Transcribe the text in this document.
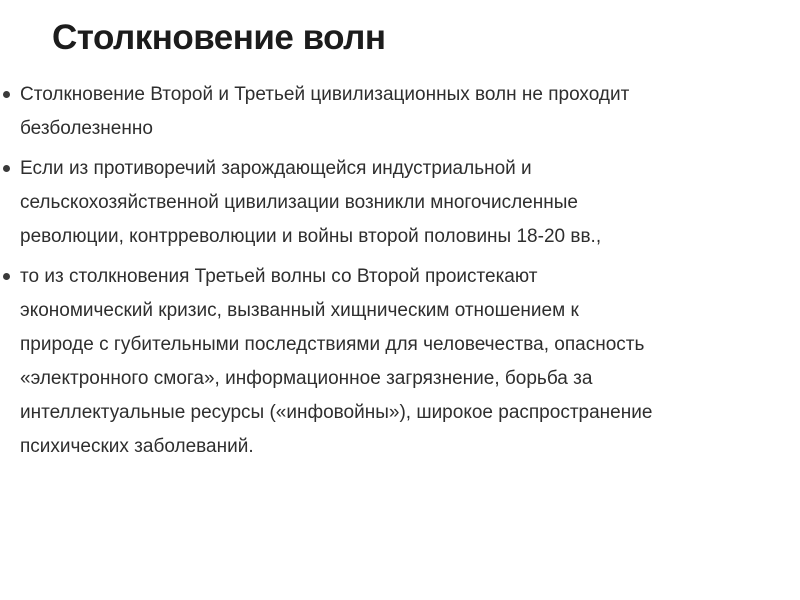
Столкновение волн
Столкновение Второй и Третьей цивилизационных волн не проходит
безболезненно
Если из противоречий зарождающейся индустриальной и
сельскохозяйственной цивилизации возникли многочисленные
революции, контрреволюции и войны второй половины 18-20 вв.,
то из столкновения Третьей волны со Второй проистекают
экономический кризис, вызванный хищническим отношением к
природе с губительными последствиями для человечества, опасность
«электронного смога», информационное загрязнение, борьба за
интеллектуальные ресурсы («инфовойны»), широкое распространение
психических заболеваний.
